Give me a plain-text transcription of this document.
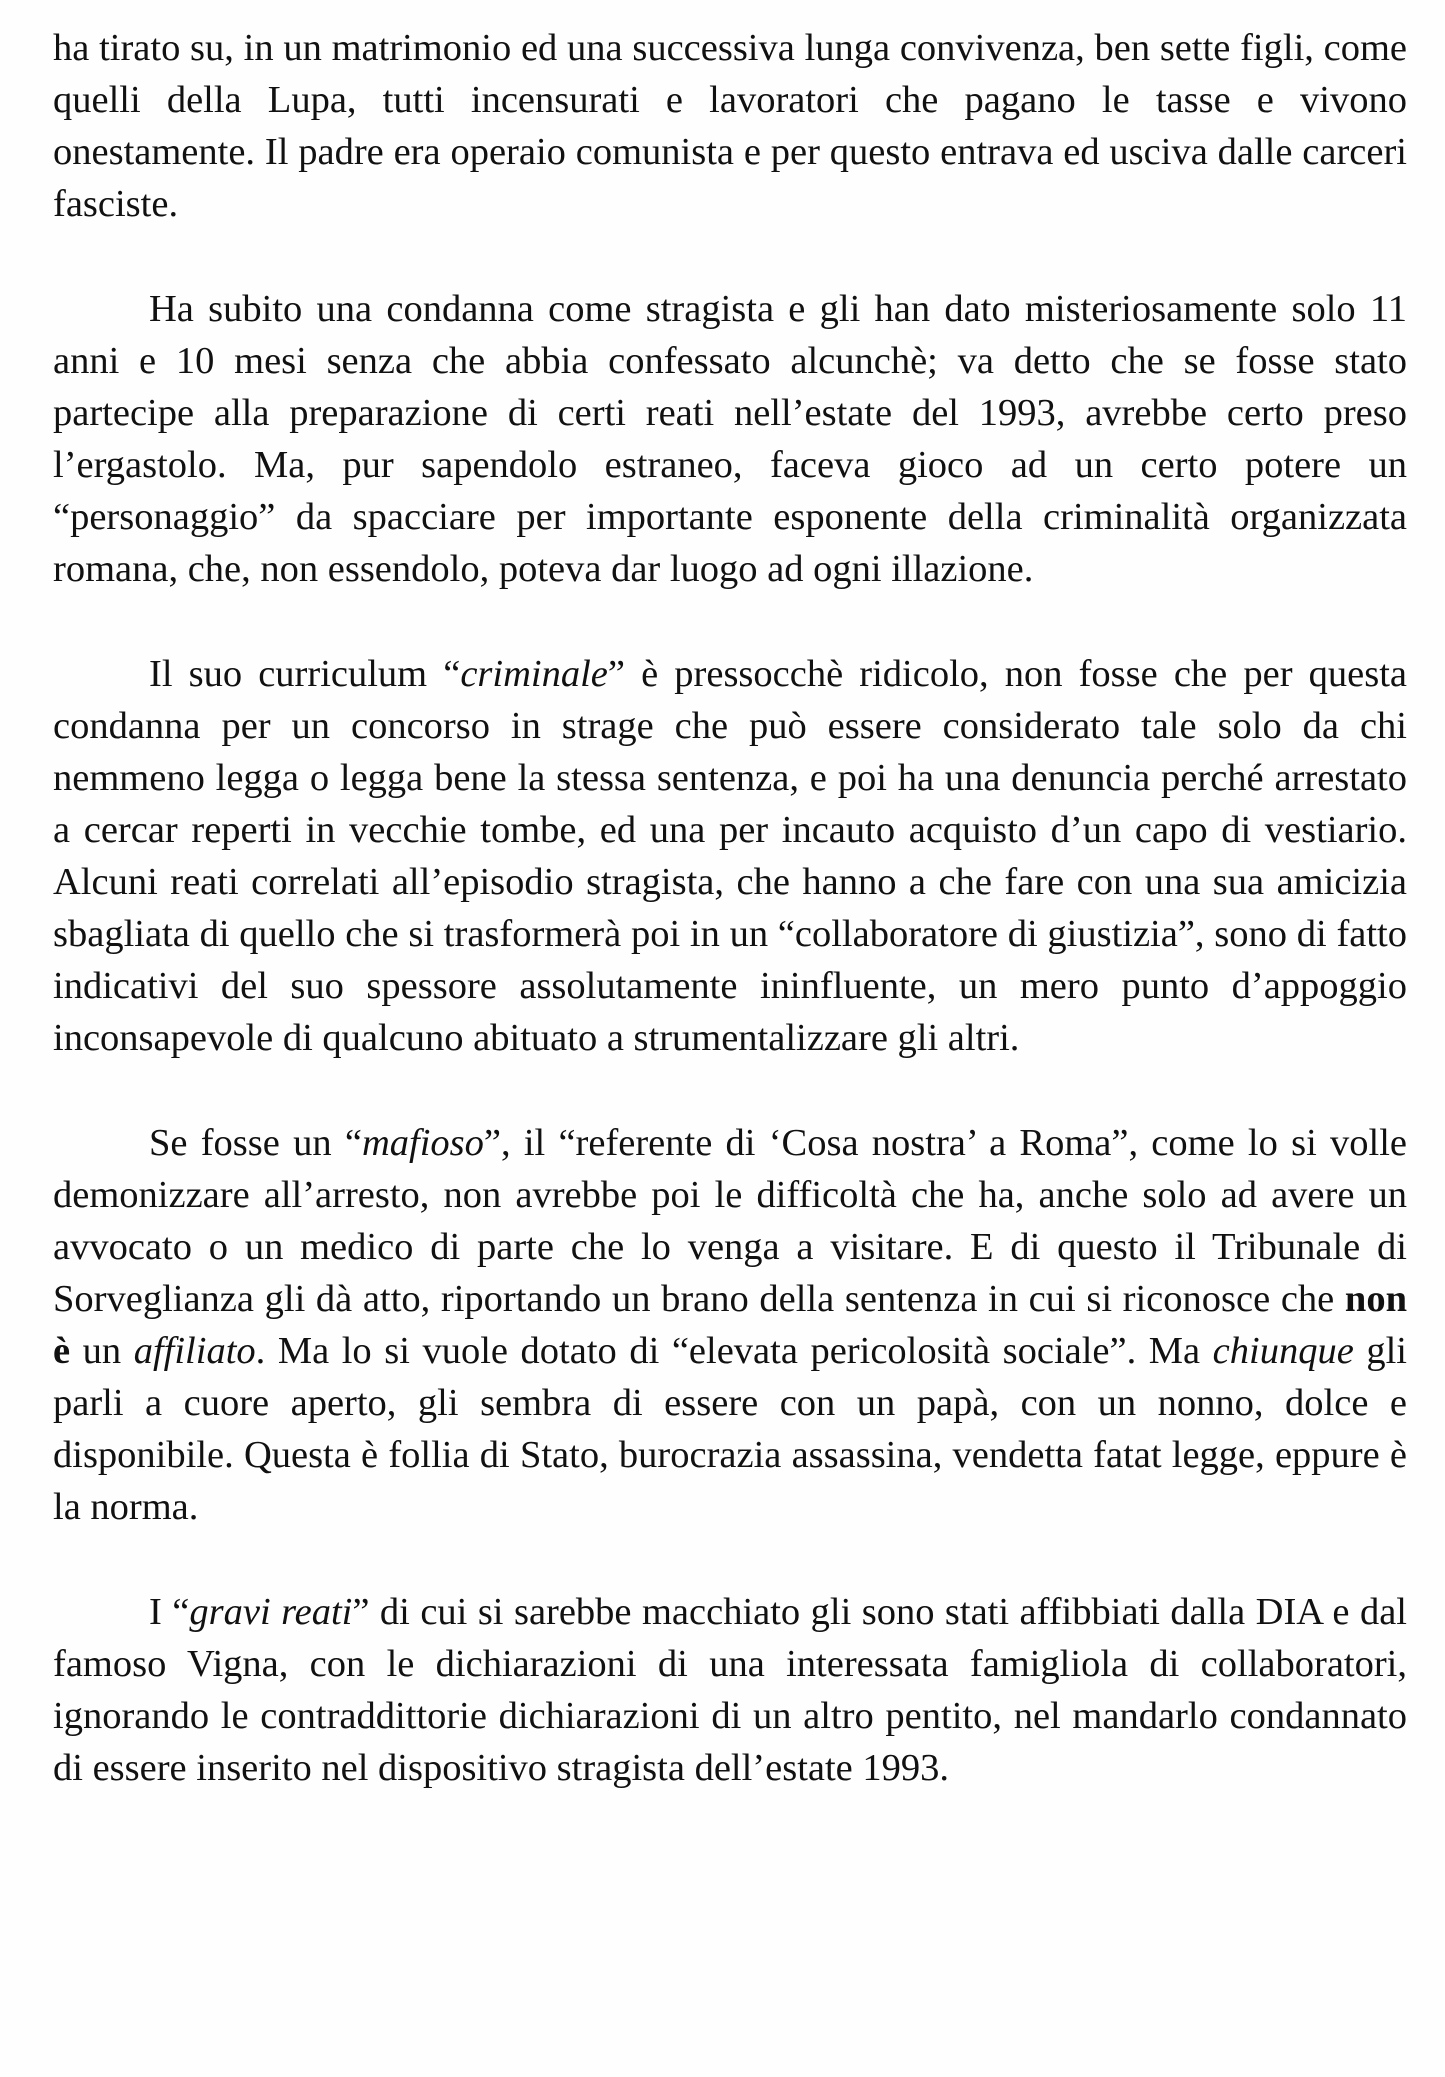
ha tirato su, in un matrimonio ed una successiva lunga convivenza, ben sette figli, come quelli della Lupa, tutti incensurati e lavoratori che pagano le tasse e vivono onestamente. Il padre era operaio comunista e per questo entrava ed usciva dalle carceri fasciste.

Ha subito una condanna come stragista e gli han dato misteriosamente solo 11 anni e 10 mesi senza che abbia confessato alcunchè; va detto che se fosse stato partecipe alla preparazione di certi reati nell’estate del 1993, avrebbe certo preso l’ergastolo. Ma, pur sapendolo estraneo, faceva gioco ad un certo potere un “personaggio” da spacciare per importante esponente della criminalità organizzata romana, che, non essendolo, poteva dar luogo ad ogni illazione.

Il suo curriculum “criminale” è pressocchè ridicolo, non fosse che per questa condanna per un concorso in strage che può essere considerato tale solo da chi nemmeno legga o legga bene la stessa sentenza, e poi ha una denuncia perché arrestato a cercar reperti in vecchie tombe, ed una per incauto acquisto d’un capo di vestiario. Alcuni reati correlati all’episodio stragista, che hanno a che fare con una sua amicizia sbagliata di quello che si trasformerà poi in un “collaboratore di giustizia”, sono di fatto indicativi del suo spessore assolutamente ininfluente, un mero punto d’appoggio inconsapevole di qualcuno abituato a strumentalizzare gli altri.

Se fosse un “mafioso”, il “referente di ‘Cosa nostra’ a Roma”, come lo si volle demonizzare all’arresto, non avrebbe poi le difficoltà che ha, anche solo ad avere un avvocato o un medico di parte che lo venga a visitare. E di questo il Tribunale di Sorveglianza gli dà atto, riportando un brano della sentenza in cui si riconosce che non è un affiliato. Ma lo si vuole dotato di “elevata pericolosità sociale”. Ma chiunque gli parli a cuore aperto, gli sembra di essere con un papà, con un nonno, dolce e disponibile. Questa è follia di Stato, burocrazia assassina, vendetta fatat legge, eppure è la norma.

I “gravi reati” di cui si sarebbe macchiato gli sono stati affibbiati dalla DIA e dal famoso Vigna, con le dichiarazioni di una interessata famigliola di collaboratori, ignorando le contraddittorie dichiarazioni di un altro pentito, nel mandarlo condannato di essere inserito nel dispositivo stragista dell’estate 1993.
